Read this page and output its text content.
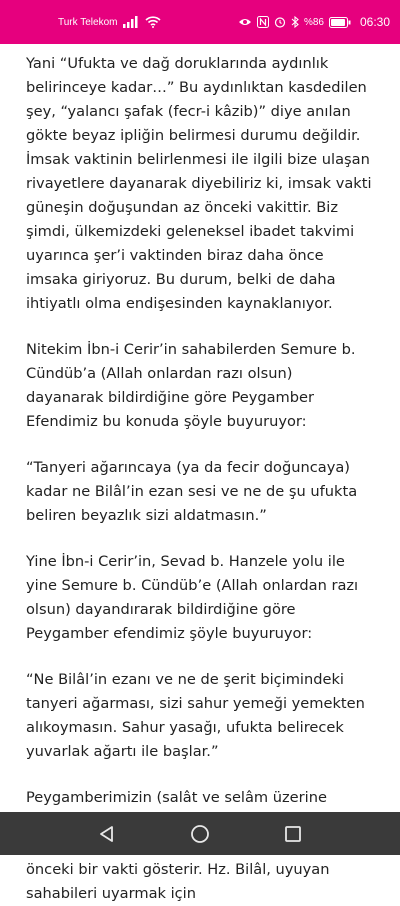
Turk Telekom	%86	06:30

Yani “Ufukta ve dağ doruklarında aydınlık belirinceye kadar…” Bu aydınlıktan kasdedilen şey, “yalancı şafak (fecr-i kâzib)” diye anılan gökte beyaz ipliğin belirmesi durumu değildir. İmsak vaktinin belirlenmesi ile ilgili bize ulaşan rivayetlere dayanarak diyebiliriz ki, imsak vakti güneşin doğuşundan az önceki vakittir. Biz şimdi, ülkemizdeki geleneksel ibadet takvimi uyarınca şer’i vaktinden biraz daha önce imsaka giriyoruz. Bu durum, belki de daha ihtiyatlı olma endişesinden kaynaklanıyor.

Nitekim İbn-i Cerir’in sahabilerden Semure b. Cündüb’a (Allah onlardan razı olsun) dayanarak bildirdiğine göre Peygamber Efendimiz bu konuda şöyle buyuruyor:

“Tanyeri ağarıncaya (ya da fecir doğuncaya) kadar ne Bilâl’in ezan sesi ve ne de şu ufukta beliren beyazlık sizi aldatmasın.”

Yine İbn-i Cerir’in, Sevad b. Hanzele yolu ile yine Semure b. Cündüb’e (Allah onlardan razı olsun) dayandırarak bildirdiğine göre Peygamber efendimiz şöyle buyuruyor:

“Ne Bilâl’in ezanı ve ne de şerit biçimindeki tanyeri ağarması, sizi sahur yemeği yemekten alıkoymasın. Sahur yasağı, ufukta belirecek yuvarlak ağartı ile başlar.”

Peygamberimizin (salât ve selâm üzerine önceki bir vakti gösterir. Hz. Bilâl, uyuyan sahabileri uyarmak için
